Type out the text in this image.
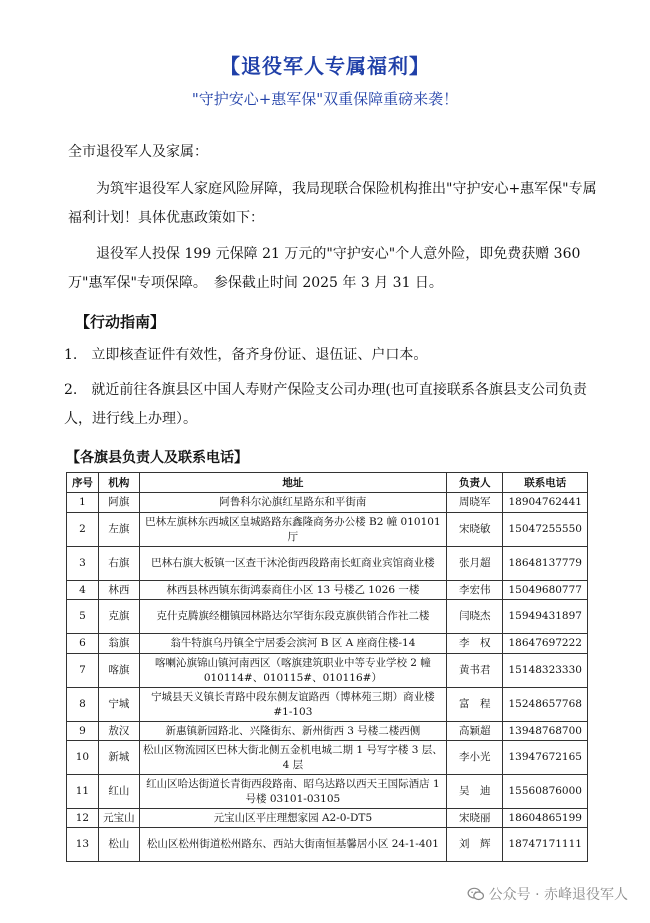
【退役军人专属福利】
"守护安心+惠军保"双重保障重磅来袭！
全市退役军人及家属：
为筑牢退役军人家庭风险屏障，我局现联合保险机构推出"守护安心+惠军保"专属福利计划！具体优惠政策如下：
退役军人投保 199 元保障 21 万元的"守护安心"个人意外险，即免费获赠 360 万"惠军保"专项保障。　参保截止时间 2025 年 3 月 31 日。
【行动指南】
1.　立即核查证件有效性，备齐身份证、退伍证、户口本。
2.　就近前往各旗县区中国人寿财产保险支公司办理(也可直接联系各旗县支公司负责人，进行线上办理）。
【各旗县负责人及联系电话】
序号	机构	地址	负责人	联系电话
1	阿旗	阿鲁科尔沁旗红星路东和平街南	周晓军	18904762441
2	左旗	巴林左旗林东西城区皇城路路东鑫隆商务办公楼 B2 幢 010101 厅	宋晓敏	15047255550
3	右旗	巴林右旗大板镇一区查干沐沦街西段路南长虹商业宾馆商业楼	张月超	18648137779
4	林西	林西县林西镇东街鸿泰商住小区 13 号楼乙 1026 一楼	李宏伟	15049680777
5	克旗	克什克腾旗经棚镇园林路达尔罕街东段克旗供销合作社二楼	闫晓杰	15949431897
6	翁旗	翁牛特旗乌丹镇全宁居委会滨河 B 区 A 座商住楼-14	李　权	18647697222
7	喀旗	喀喇沁旗锦山镇河南西区（喀旗建筑职业中等专业学校 2 幢 010114#、010115#、010116#）	黄书君	15148323330
8	宁城	宁城县天义镇长青路中段东侧友谊路西（博林苑三期）商业楼#1-103	富　程	15248657768
9	敖汉	新惠镇新园路北、兴隆街东、新州街西 3 号楼二楼西侧	高颖超	13948768700
10	新城	松山区物流园区巴林大街北侧五金机电城二期 1 号写字楼 3 层、4 层	李小光	13947672165
11	红山	红山区哈达街道长青街西段路南、昭乌达路以西天王国际酒店 1 号楼 03101-03105	吴　迪	15560876000
12	元宝山	元宝山区平庄理想家园 A2-0-DT5	宋晓丽	18604865199
13	松山	松山区松州街道松州路东、西站大街南恒基馨居小区 24-1-401	刘　辉	18747171111
公众号 · 赤峰退役军人
